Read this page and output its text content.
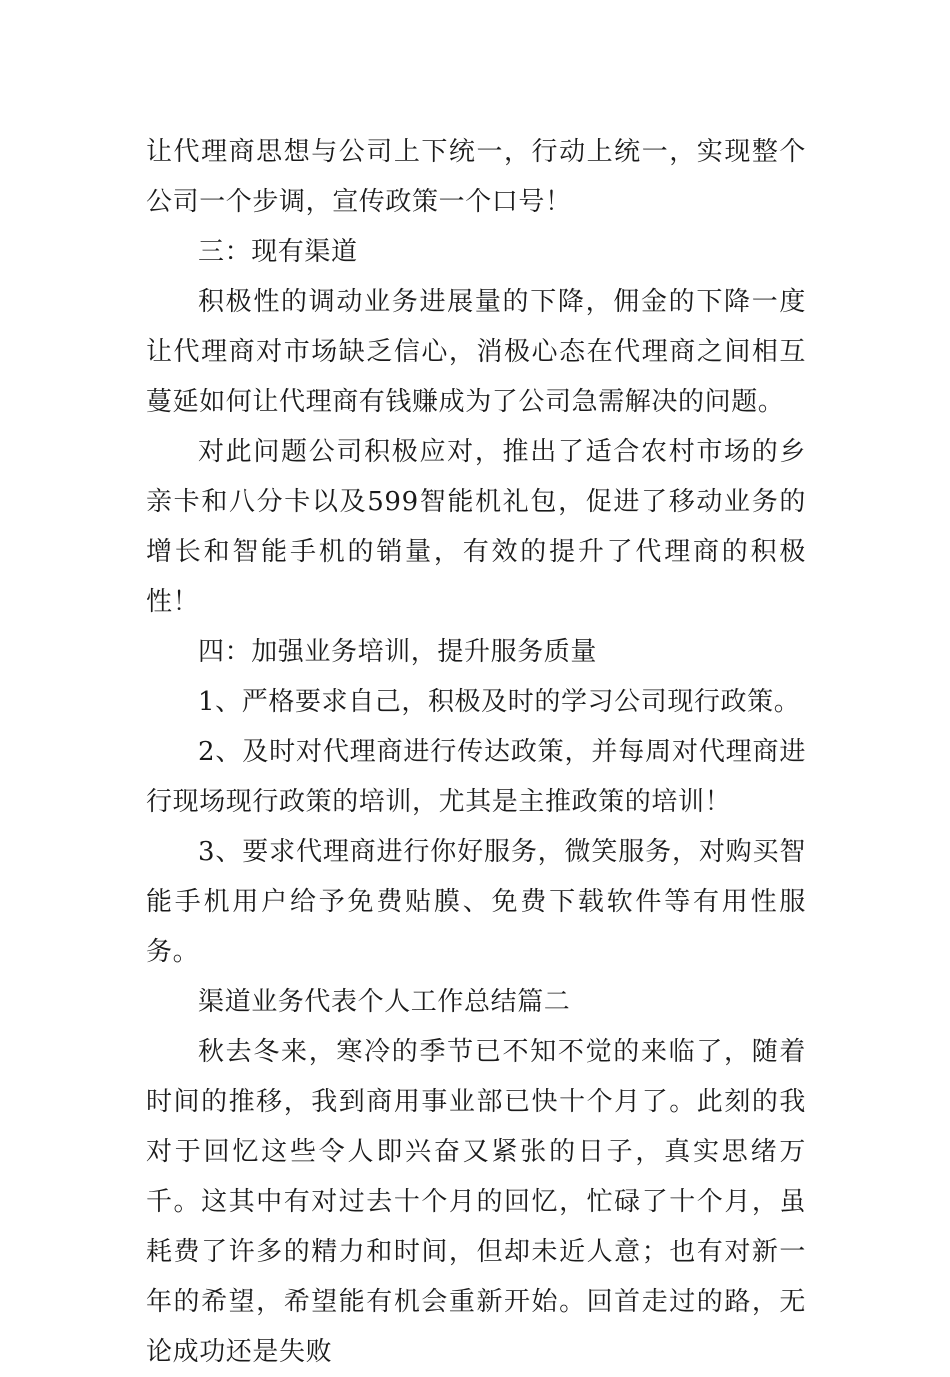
让代理商思想与公司上下统一，行动上统一，实现整个公司一个步调，宣传政策一个口号！

三：现有渠道

积极性的调动业务进展量的下降，佣金的下降一度让代理商对市场缺乏信心，消极心态在代理商之间相互蔓延如何让代理商有钱赚成为了公司急需解决的问题。

对此问题公司积极应对，推出了适合农村市场的乡亲卡和八分卡以及599智能机礼包，促进了移动业务的增长和智能手机的销量，有效的提升了代理商的积极性！

四：加强业务培训，提升服务质量

1、严格要求自己，积极及时的学习公司现行政策。

2、及时对代理商进行传达政策，并每周对代理商进行现场现行政策的培训，尤其是主推政策的培训！

3、要求代理商进行你好服务，微笑服务，对购买智能手机用户给予免费贴膜、免费下载软件等有用性服务。

渠道业务代表个人工作总结篇二

秋去冬来，寒冷的季节已不知不觉的来临了，随着时间的推移，我到商用事业部已快十个月了。此刻的我对于回忆这些令人即兴奋又紧张的日子，真实思绪万千。这其中有对过去十个月的回忆，忙碌了十个月，虽耗费了许多的精力和时间，但却未近人意；也有对新一年的希望，希望能有机会重新开始。回首走过的路，无论成功还是失败
